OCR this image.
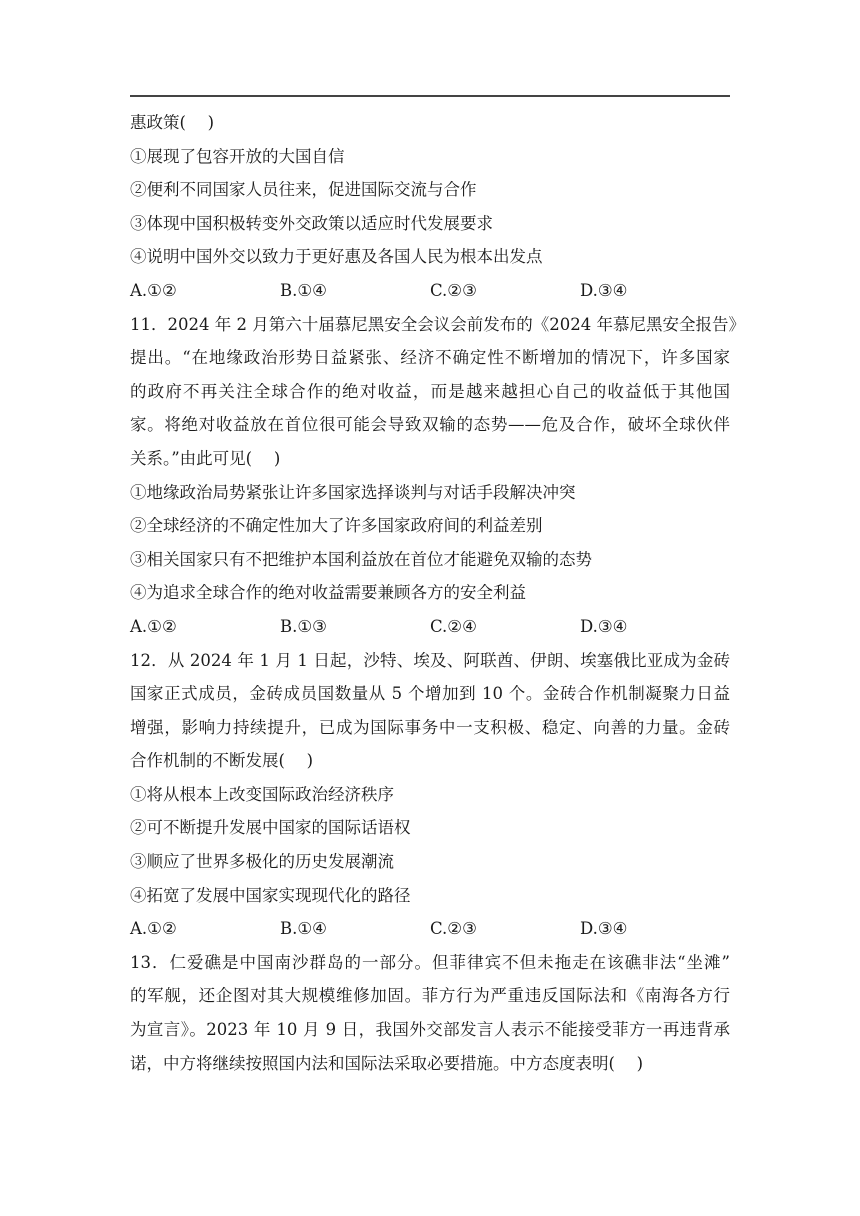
惠政策(　 )
①展现了包容开放的大国自信
②便利不同国家人员往来，促进国际交流与合作
③体现中国积极转变外交政策以适应时代发展要求
④说明中国外交以致力于更好惠及各国人民为根本出发点
A.①②	B.①④	C.②③	D.③④
11．2024 年 2 月第六十届慕尼黑安全会议会前发布的《2024 年慕尼黑安全报告》
提出。“在地缘政治形势日益紧张、经济不确定性不断增加的情况下，许多国家
的政府不再关注全球合作的绝对收益，而是越来越担心自己的收益低于其他国
家。将绝对收益放在首位很可能会导致双输的态势——危及合作，破坏全球伙伴
关系。”由此可见(　 )
①地缘政治局势紧张让许多国家选择谈判与对话手段解决冲突
②全球经济的不确定性加大了许多国家政府间的利益差别
③相关国家只有不把维护本国利益放在首位才能避免双输的态势
④为追求全球合作的绝对收益需要兼顾各方的安全利益
A.①②	B.①③	C.②④	D.③④
12．从 2024 年 1 月 1 日起，沙特、埃及、阿联酋、伊朗、埃塞俄比亚成为金砖
国家正式成员，金砖成员国数量从 5 个增加到 10 个。金砖合作机制凝聚力日益
增强，影响力持续提升，已成为国际事务中一支积极、稳定、向善的力量。金砖
合作机制的不断发展(　 )
①将从根本上改变国际政治经济秩序
②可不断提升发展中国家的国际话语权
③顺应了世界多极化的历史发展潮流
④拓宽了发展中国家实现现代化的路径
A.①②	B.①④	C.②③	D.③④
13．仁爱礁是中国南沙群岛的一部分。但菲律宾不但未拖走在该礁非法“坐滩”
的军舰，还企图对其大规模维修加固。菲方行为严重违反国际法和《南海各方行
为宣言》。2023 年 10 月 9 日，我国外交部发言人表示不能接受菲方一再违背承
诺，中方将继续按照国内法和国际法采取必要措施。中方态度表明(　 )
